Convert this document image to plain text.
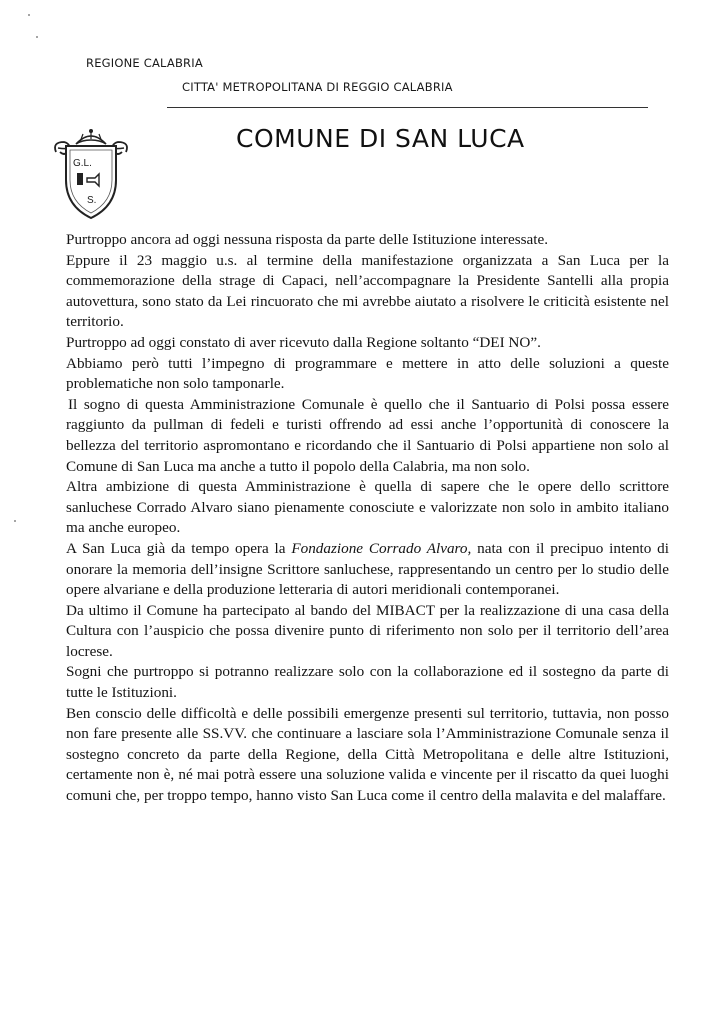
REGIONE CALABRIA
CITTA' METROPOLITANA DI REGGIO CALABRIA
G.L.
S.
COMUNE DI SAN LUCA

Purtroppo ancora ad oggi nessuna risposta da parte delle Istituzione interessate.

Eppure il 23 maggio u.s. al termine della manifestazione organizzata a San Luca per la commemorazione della strage di Capaci, nell’accompagnare la Presidente Santelli alla propia autovettura, sono stato da Lei rincuorato che mi avrebbe aiutato a risolvere le criticità esistente nel territorio.

Purtroppo ad oggi constato di aver ricevuto dalla Regione soltanto “DEI NO”.

Abbiamo però tutti l’impegno di programmare e mettere in atto delle soluzioni a queste problematiche non solo tamponarle.

Il sogno di questa Amministrazione Comunale è quello che il Santuario di Polsi possa essere raggiunto da pullman di fedeli e turisti offrendo ad essi anche l’opportunità di conoscere la bellezza del territorio aspromontano e ricordando che il Santuario di Polsi appartiene non solo al Comune di San Luca ma anche a tutto il popolo della Calabria, ma non solo.

Altra ambizione di questa Amministrazione è quella di sapere che le opere dello scrittore sanluchese Corrado Alvaro siano pienamente conosciute e valorizzate non solo in ambito italiano ma anche europeo.

A San Luca già da tempo opera la Fondazione Corrado Alvaro, nata con il precipuo intento di onorare la memoria dell’insigne Scrittore sanluchese, rappresentando un centro per lo studio delle opere alvariane e della produzione letteraria di autori meridionali contemporanei.

Da ultimo il Comune ha partecipato al bando del MIBACT per la realizzazione di una casa della Cultura con l’auspicio che possa divenire punto di riferimento non solo per il territorio dell’area locrese.

Sogni che purtroppo si potranno realizzare solo con la collaborazione ed il sostegno da parte di tutte le Istituzioni.

Ben conscio delle difficoltà e delle possibili emergenze presenti sul territorio, tuttavia, non posso non fare presente alle SS.VV. che continuare a lasciare sola l’Amministrazione Comunale senza il sostegno concreto da parte della Regione, della Città Metropolitana e delle altre Istituzioni, certamente non è, né mai potrà essere una soluzione valida e vincente per il riscatto da quei luoghi comuni che, per troppo tempo, hanno visto San Luca come il centro della malavita e del malaffare.
